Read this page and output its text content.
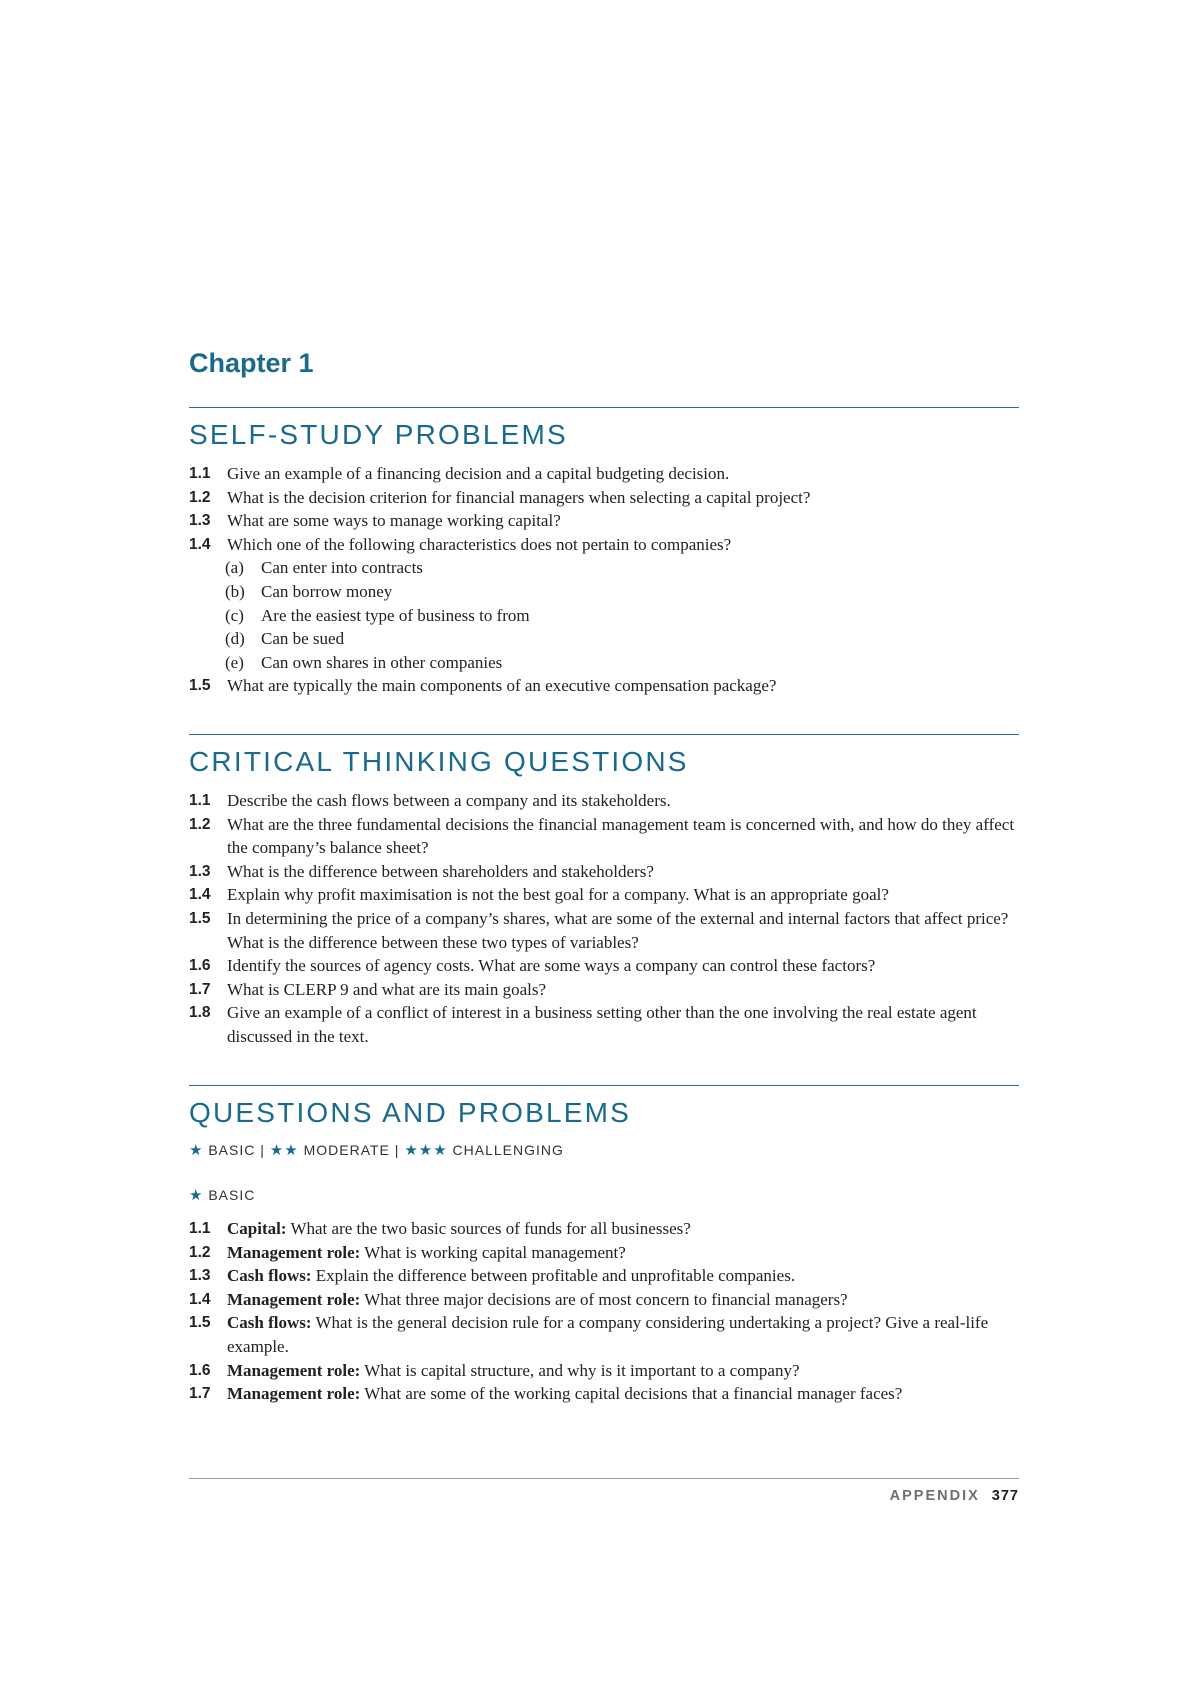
Chapter 1
SELF-STUDY PROBLEMS
1.1 Give an example of a financing decision and a capital budgeting decision.
1.2 What is the decision criterion for financial managers when selecting a capital project?
1.3 What are some ways to manage working capital?
1.4 Which one of the following characteristics does not pertain to companies?
(a)	Can enter into contracts
(b) Can borrow money
(c)	Are the easiest type of business to from
(d) Can be sued
(e)	Can own shares in other companies
1.5 What are typically the main components of an executive compensation package?
CRITICAL THINKING QUESTIONS
1.1 Describe the cash flows between a company and its stakeholders.
1.2 What are the three fundamental decisions the financial management team is concerned with, and how do they affect the company’s balance sheet?
1.3 What is the difference between shareholders and stakeholders?
1.4 Explain why profit maximisation is not the best goal for a company. What is an appropriate goal?
1.5 In determining the price of a company’s shares, what are some of the external and internal factors that affect price? What is the difference between these two types of variables?
1.6 Identify the sources of agency costs. What are some ways a company can control these factors?
1.7 What is CLERP 9 and what are its main goals?
1.8 Give an example of a conflict of interest in a business setting other than the one involving the real estate agent discussed in the text.
QUESTIONS AND PROBLEMS
★ BASIC | ★★ MODERATE | ★★★ CHALLENGING
★ BASIC
1.1 Capital: What are the two basic sources of funds for all businesses?
1.2 Management role: What is working capital management?
1.3 Cash flows: Explain the difference between profitable and unprofitable companies.
1.4 Management role: What three major decisions are of most concern to financial managers?
1.5 Cash flows: What is the general decision rule for a company considering undertaking a project? Give a real-life example.
1.6 Management role: What is capital structure, and why is it important to a company?
1.7 Management role: What are some of the working capital decisions that a financial manager faces?
APPENDIX 377
